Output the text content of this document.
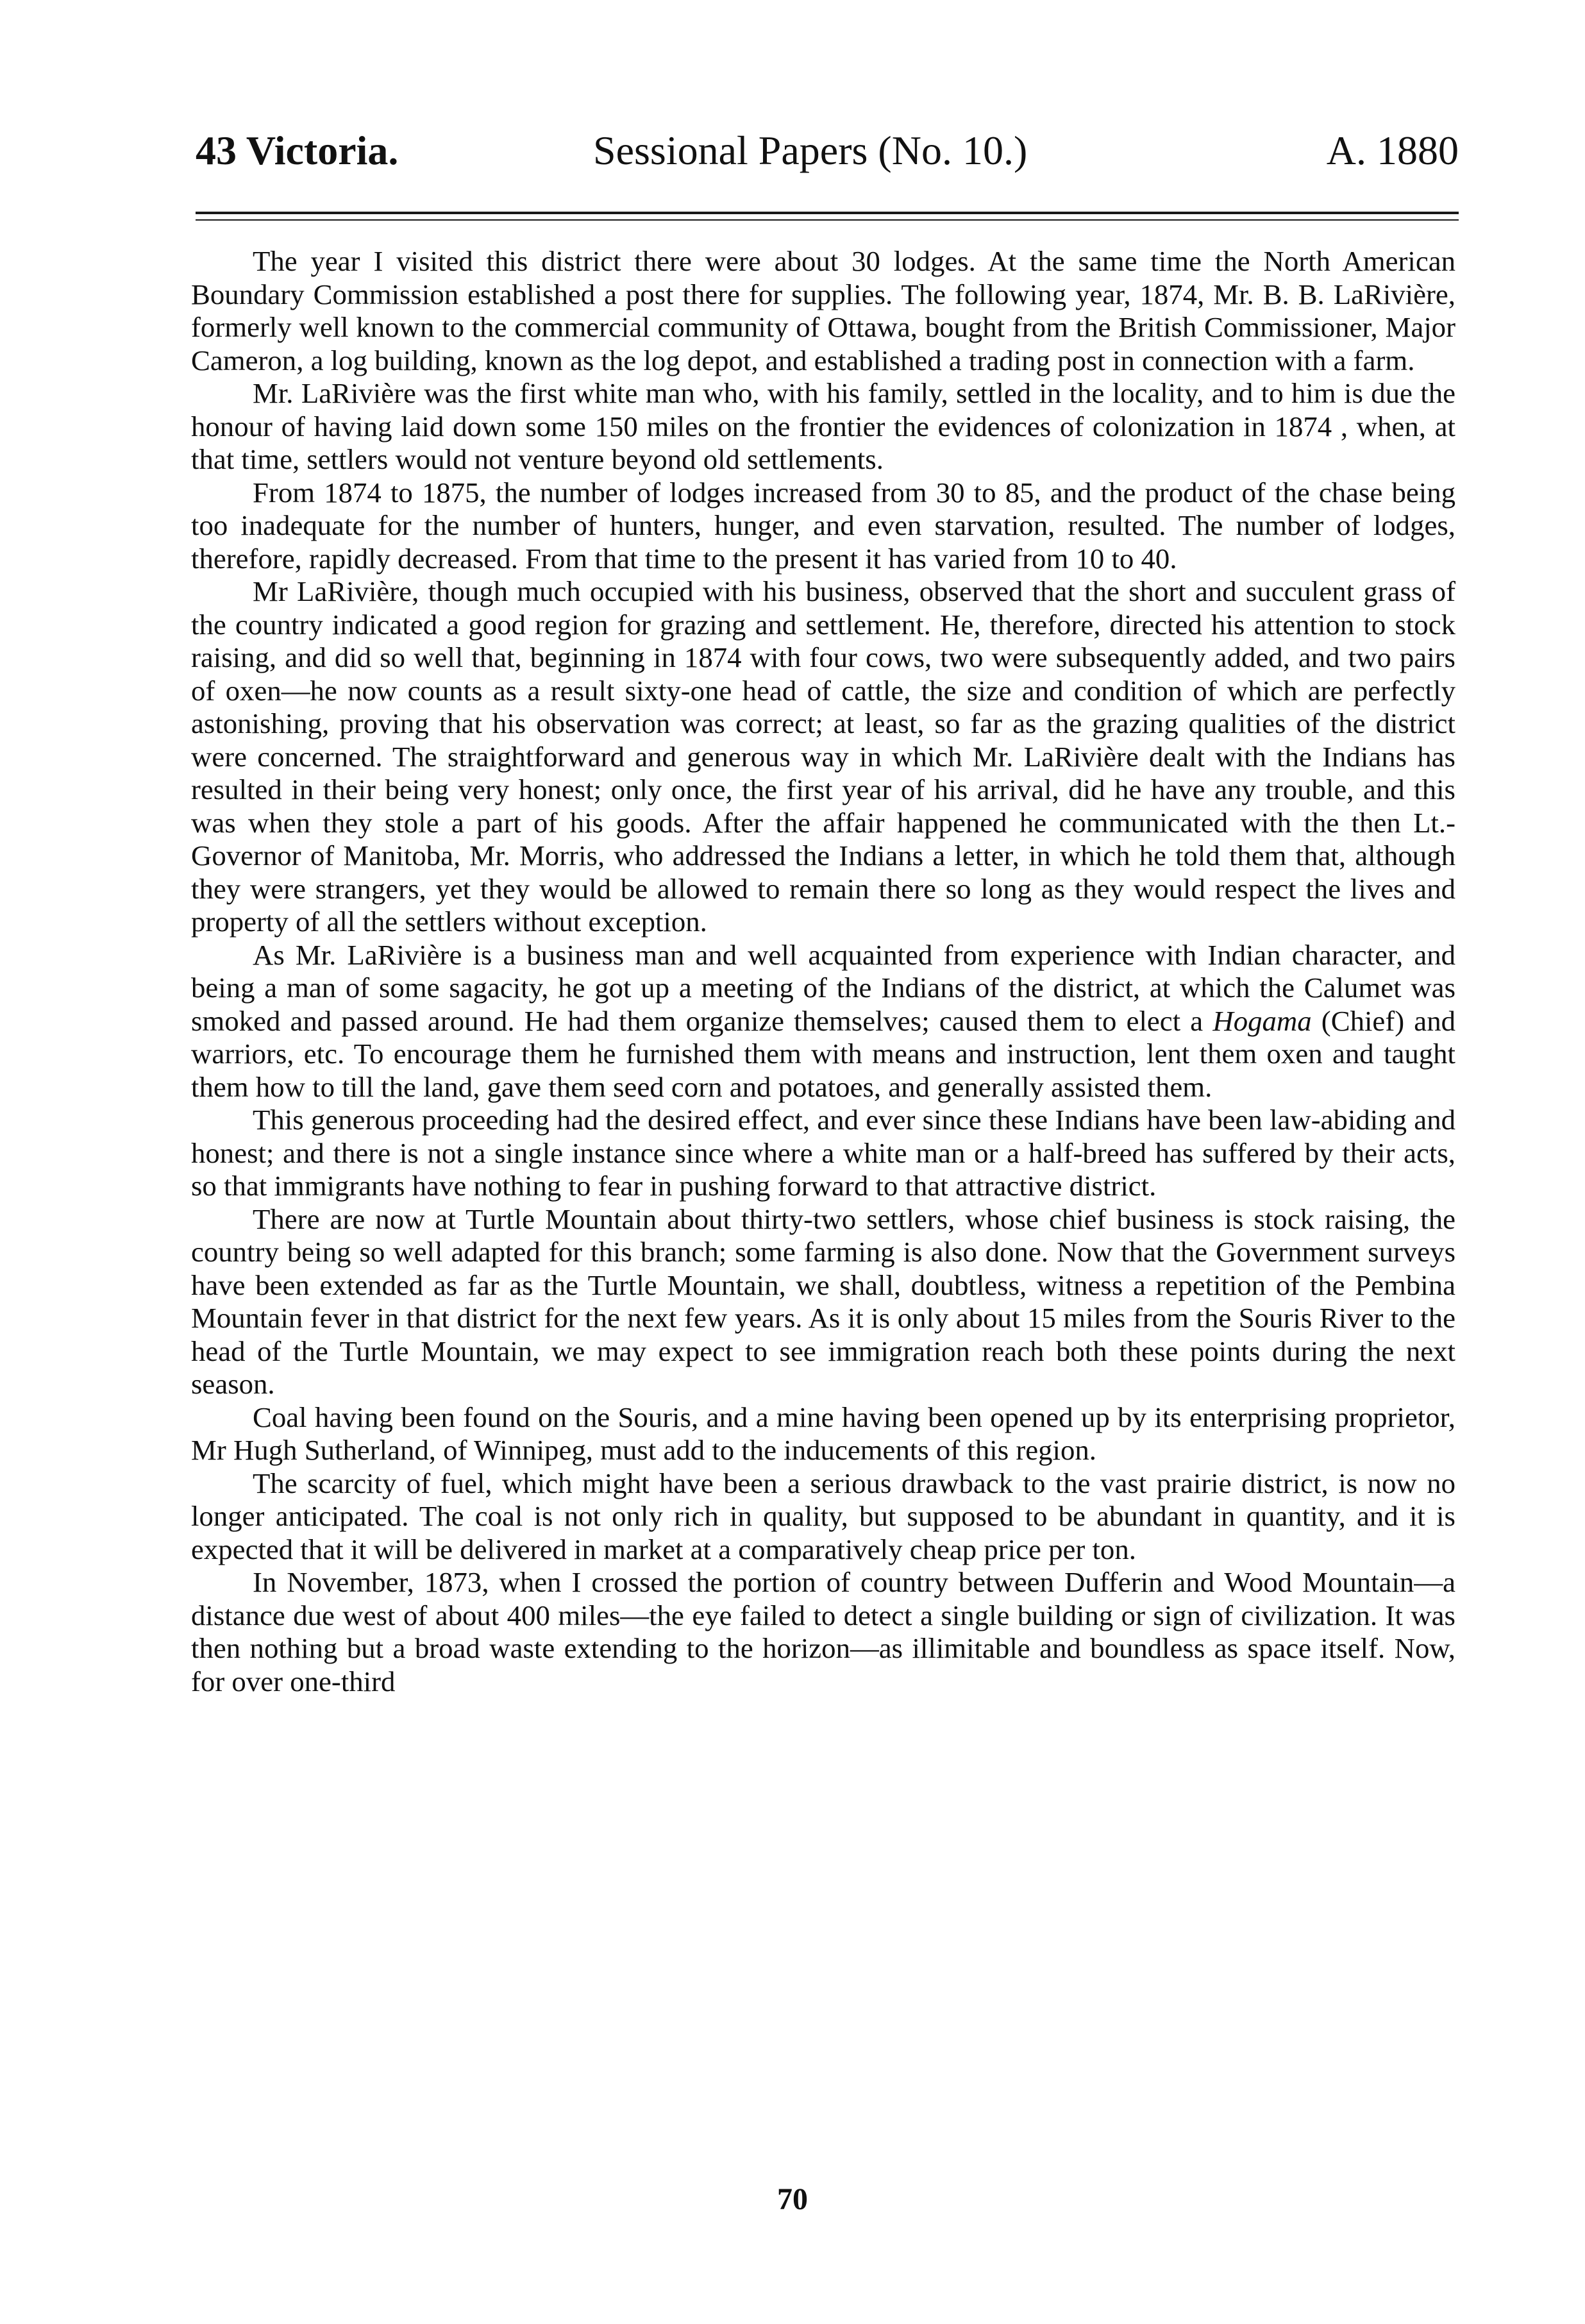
43 Victoria.	Sessional Papers (No. 10.)	A. 1880

The year I visited this district there were about 30 lodges. At the same time the North American Boundary Commission established a post there for supplies. The following year, 1874, Mr. B. B. LaRivière, formerly well known to the commercial community of Ottawa, bought from the British Commissioner, Major Cameron, a log building, known as the log depot, and established a trading post in connection with a farm.

Mr. LaRivière was the first white man who, with his family, settled in the locality, and to him is due the honour of having laid down some 150 miles on the frontier the evidences of colonization in 1874 , when, at that time, settlers would not venture beyond old settlements.

From 1874 to 1875, the number of lodges increased from 30 to 85, and the product of the chase being too inadequate for the number of hunters, hunger, and even starvation, resulted. The number of lodges, therefore, rapidly decreased. From that time to the present it has varied from 10 to 40.

Mr LaRivière, though much occupied with his business, observed that the short and succulent grass of the country indicated a good region for grazing and settlement. He, therefore, directed his attention to stock raising, and did so well that, beginning in 1874 with four cows, two were subsequently added, and two pairs of oxen—he now counts as a result sixty-one head of cattle, the size and condition of which are perfectly astonishing, proving that his observation was correct; at least, so far as the grazing qualities of the district were concerned. The straightforward and generous way in which Mr. LaRivière dealt with the Indians has resulted in their being very honest; only once, the first year of his arrival, did he have any trouble, and this was when they stole a part of his goods. After the affair happened he communicated with the then Lt.-Governor of Manitoba, Mr. Morris, who addressed the Indians a letter, in which he told them that, although they were strangers, yet they would be allowed to remain there so long as they would respect the lives and property of all the settlers without exception.

As Mr. LaRivière is a business man and well acquainted from experience with Indian character, and being a man of some sagacity, he got up a meeting of the Indians of the district, at which the Calumet was smoked and passed around. He had them organize themselves; caused them to elect a Hogama (Chief) and warriors, etc. To encourage them he furnished them with means and instruction, lent them oxen and taught them how to till the land, gave them seed corn and potatoes, and generally assisted them.

This generous proceeding had the desired effect, and ever since these Indians have been law-abiding and honest; and there is not a single instance since where a white man or a half-breed has suffered by their acts, so that immigrants have nothing to fear in pushing forward to that attractive district.

There are now at Turtle Mountain about thirty-two settlers, whose chief business is stock raising, the country being so well adapted for this branch; some farming is also done. Now that the Government surveys have been extended as far as the Turtle Mountain, we shall, doubtless, witness a repetition of the Pembina Mountain fever in that district for the next few years. As it is only about 15 miles from the Souris River to the head of the Turtle Mountain, we may expect to see immigration reach both these points during the next season.

Coal having been found on the Souris, and a mine having been opened up by its enterprising proprietor, Mr Hugh Sutherland, of Winnipeg, must add to the inducements of this region.

The scarcity of fuel, which might have been a serious drawback to the vast prairie district, is now no longer anticipated. The coal is not only rich in quality, but supposed to be abundant in quantity, and it is expected that it will be delivered in market at a comparatively cheap price per ton.

In November, 1873, when I crossed the portion of country between Dufferin and Wood Mountain—a distance due west of about 400 miles—the eye failed to detect a single building or sign of civilization. It was then nothing but a broad waste extending to the horizon—as illimitable and boundless as space itself. Now, for over one-third

70
